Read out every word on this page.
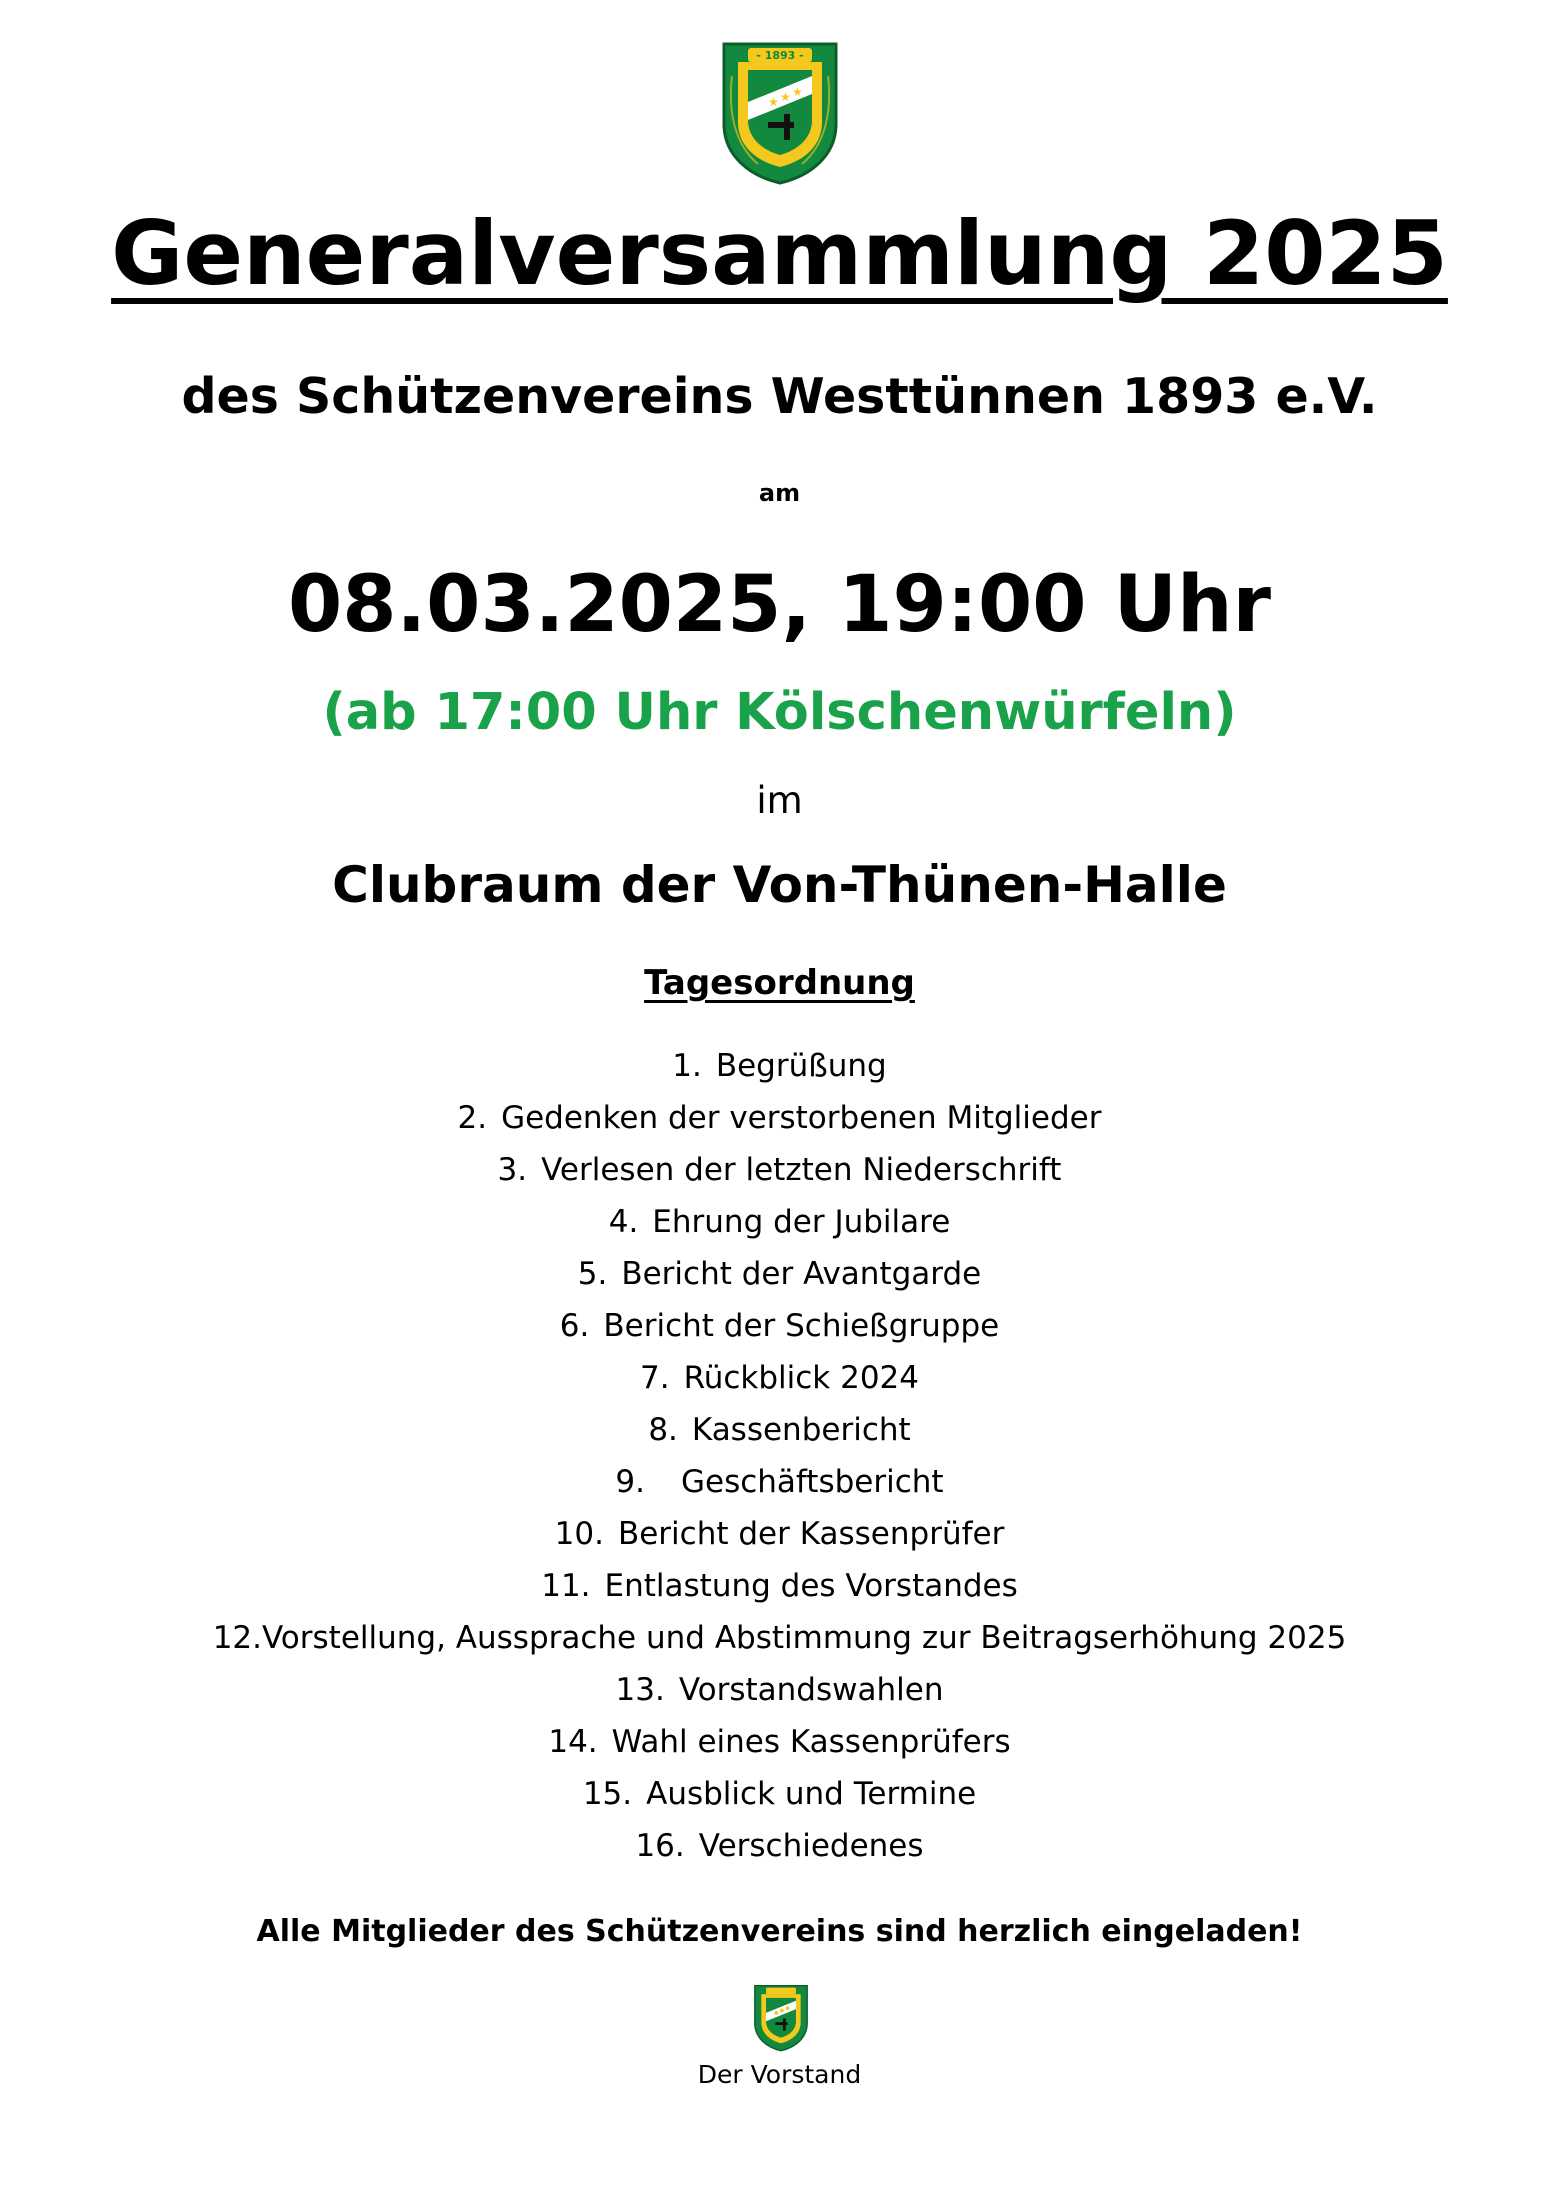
- 1893 -
★ ★ ★
Generalversammlung 2025
des Schützenvereins Westtünnen 1893 e.V.
am
08.03.2025, 19:00 Uhr
(ab 17:00 Uhr Kölschenwürfeln)
im
Clubraum der Von-Thünen-Halle
Tagesordnung
1. Begrüßung
2. Gedenken der verstorbenen Mitglieder
3. Verlesen der letzten Niederschrift
4. Ehrung der Jubilare
5. Bericht der Avantgarde
6. Bericht der Schießgruppe
7. Rückblick 2024
8. Kassenbericht
9. Geschäftsbericht
10. Bericht der Kassenprüfer
11. Entlastung des Vorstandes
12.Vorstellung, Aussprache und Abstimmung zur Beitragserhöhung 2025
13. Vorstandswahlen
14. Wahl eines Kassenprüfers
15. Ausblick und Termine
16. Verschiedenes
Alle Mitglieder des Schützenvereins sind herzlich eingeladen!
Der Vorstand
